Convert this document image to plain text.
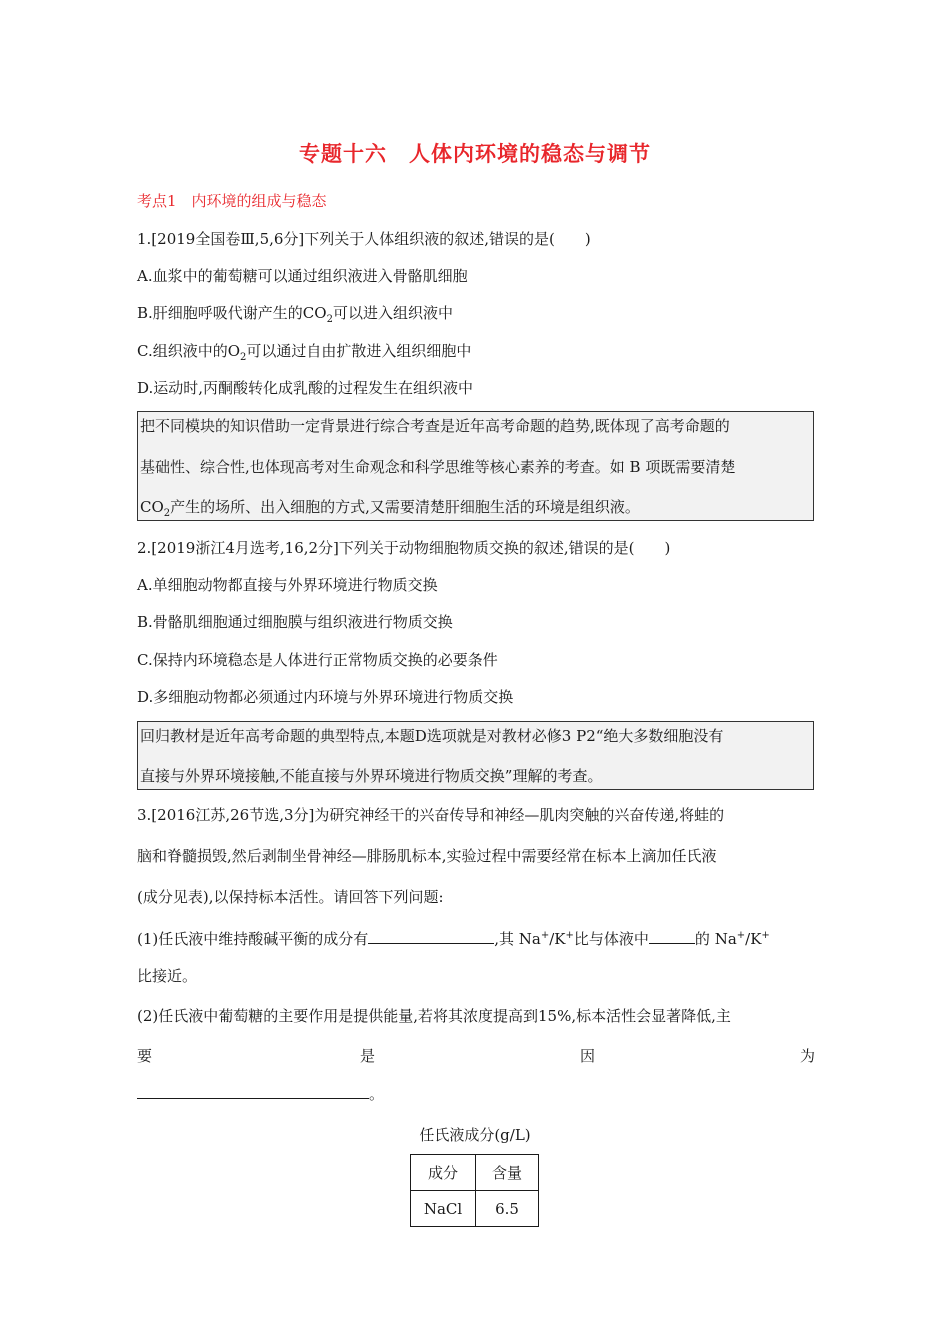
专题十六　人体内环境的稳态与调节
考点1　内环境的组成与稳态
1.[2019全国卷Ⅲ,5,6分]下列关于人体组织液的叙述,错误的是(　　)
A.血浆中的葡萄糖可以通过组织液进入骨骼肌细胞
B.肝细胞呼吸代谢产生的$CO_2$可以进入组织液中
C.组织液中的$O_2$可以通过自由扩散进入组织细胞中
D.运动时,丙酮酸转化成乳酸的过程发生在组织液中
把不同模块的知识借助一定背景进行综合考查是近年高考命题的趋势,既体现了高考命题的
基础性、综合性,也体现高考对生命观念和科学思维等核心素养的考查。如 B 项既需要清楚
$CO_2$产生的场所、出入细胞的方式,又需要清楚肝细胞生活的环境是组织液。
2.[2019浙江4月选考,16,2分]下列关于动物细胞物质交换的叙述,错误的是(　　)
A.单细胞动物都直接与外界环境进行物质交换
B.骨骼肌细胞通过细胞膜与组织液进行物质交换
C.保持内环境稳态是人体进行正常物质交换的必要条件
D.多细胞动物都必须通过内环境与外界环境进行物质交换
回归教材是近年高考命题的典型特点,本题D选项就是对教材必修3 P2“绝大多数细胞没有
直接与外界环境接触,不能直接与外界环境进行物质交换”理解的考查。
3.[2016江苏,26节选,3分]为研究神经干的兴奋传导和神经—肌肉突触的兴奋传递,将蛙的
脑和脊髓损毁,然后剥制坐骨神经—腓肠肌标本,实验过程中需要经常在标本上滴加任氏液
(成分见表),以保持标本活性。请回答下列问题:
(1)任氏液中维持酸碱平衡的成分有	,其 Na+/K+比与体液中	的 Na+/K+
比接近。
(2)任氏液中葡萄糖的主要作用是提供能量,若将其浓度提高到15%,标本活性会显著降低,主
要	是	因	为
。
任氏液成分(g/L)
成分	含量
NaCl	6.5
